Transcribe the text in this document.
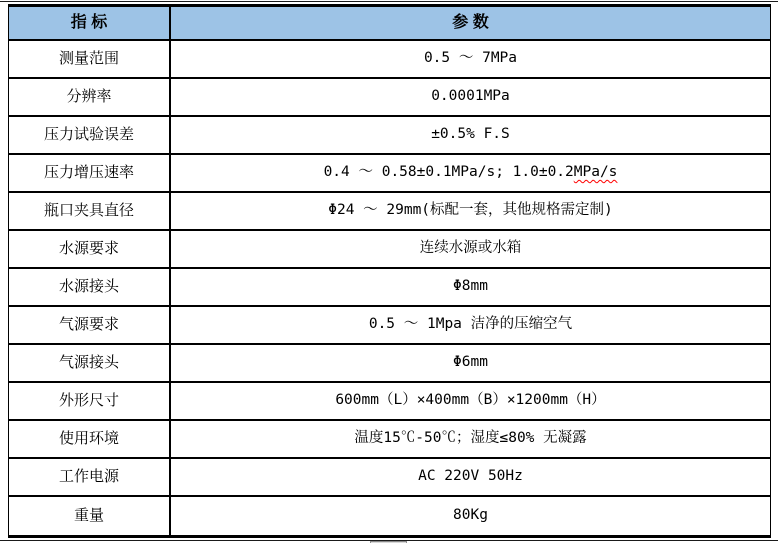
指 标	参 数
测量范围	0.5 ～ 7MPa
分辨率	0.0001MPa
压力试验误差	±0.5% F.S
压力增压速率	0.4 ～ 0.58±0.1MPa/s; 1.0±0.2 MPa/s
瓶口夹具直径	Φ24 ～ 29mm(标配一套，其他规格需定制)
水源要求	连续水源或水箱
水源接头	Φ8mm
气源要求	0.5 ～ 1Mpa 洁净的压缩空气
气源接头	Φ6mm
外形尺寸	600mm（L）×400mm（B）×1200mm（H）
使用环境	温度15℃-50℃；湿度≤80% 无凝露
工作电源	AC 220V 50Hz
重量	80Kg
